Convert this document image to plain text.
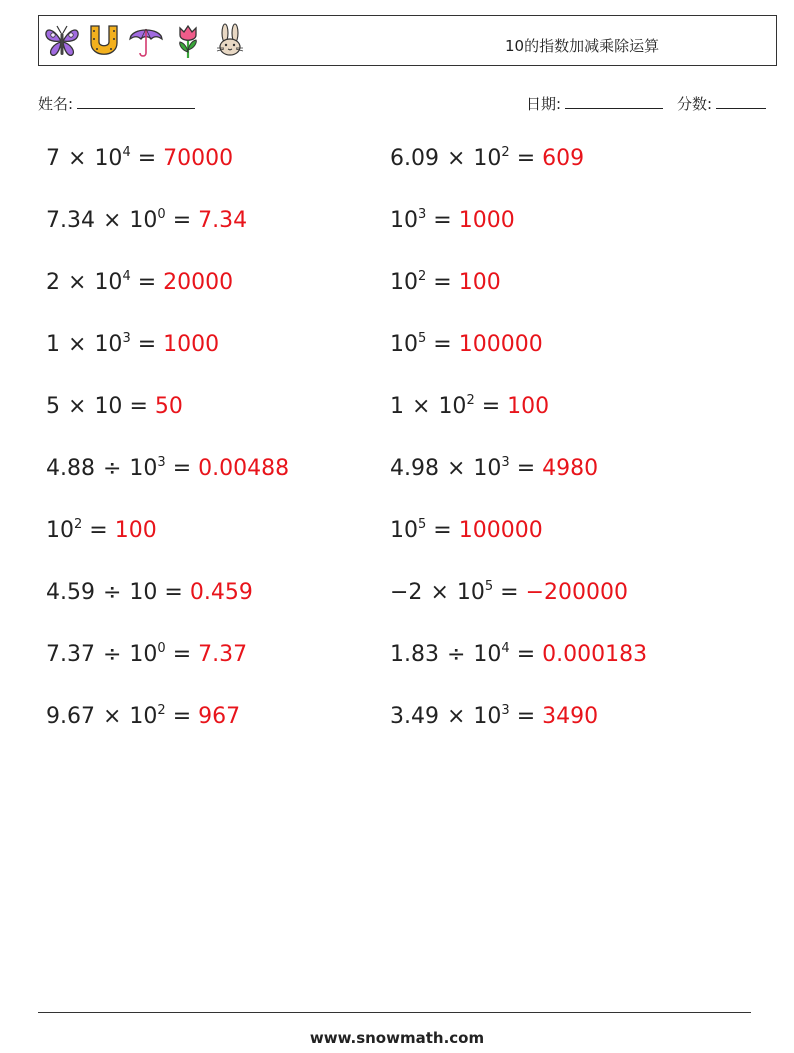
10的指数加减乘除运算
姓名:	日期:	分数:
$7 \times 10^4 = 70000$	$6.09 \times 10^2 = 609$
$7.34 \times 10^0 = 7.34$	$10^3 = 1000$
$2 \times 10^4 = 20000$	$10^2 = 100$
$1 \times 10^3 = 1000$	$10^5 = 100000$
5 × 10 = 50	$1 \times 10^2 = 100$
$4.88 \div 10^3 = 0.00488$	$4.98 \times 10^3 = 4980$
$10^2 = 100$	$10^5 = 100000$
4.59 ÷ 10 = 0.459	$-2 \times 10^5 = -200000$
$7.37 \div 10^0 = 7.37$	$1.83 \div 10^4 = 0.000183$
$9.67 \times 10^2 = 967$	$3.49 \times 10^3 = 3490$
www.snowmath.com
